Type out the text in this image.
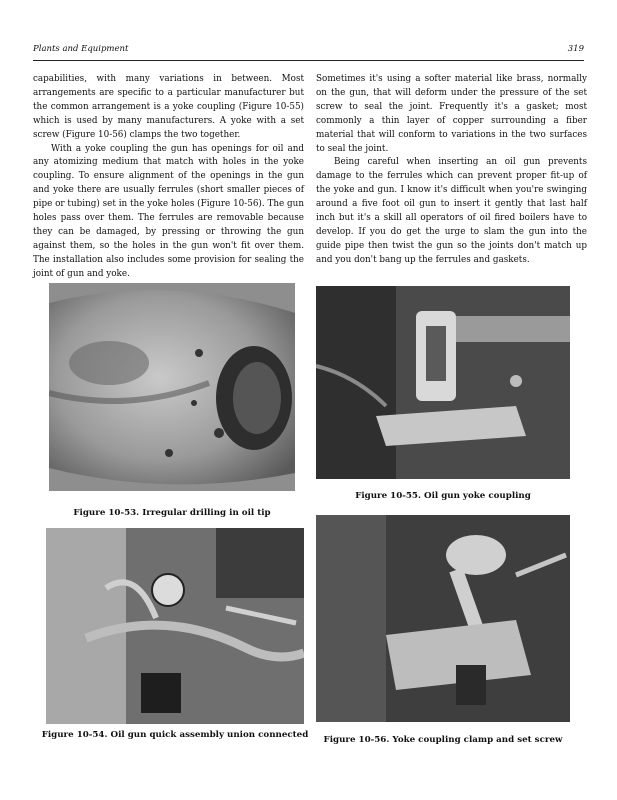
Plants and Equipment	319

capabilities, with many variations in between. Most arrangements are specific to a particular manufacturer but the common arrangement is a yoke coupling (Figure 10-55) which is used by many manufacturers. A yoke with a set screw (Figure 10-56) clamps the two together.

With a yoke coupling the gun has openings for oil and any atomizing medium that match with holes in the yoke coupling. To ensure alignment of the openings in the gun and yoke there are usually ferrules (short smaller pieces of pipe or tubing) set in the yoke holes (Figure 10-56). The gun holes pass over them. The ferrules are removable because they can be damaged, by pressing or throwing the gun against them, so the holes in the gun won't fit over them. The installation also includes some provision for sealing the joint of gun and yoke.

Sometimes it's using a softer material like brass, normally on the gun, that will deform under the pressure of the set screw to seal the joint. Frequently it's a gasket; most commonly a thin layer of copper surrounding a fiber material that will conform to variations in the two surfaces to seal the joint.

Being careful when inserting an oil gun prevents damage to the ferrules which can prevent proper fit-up of the yoke and gun. I know it's difficult when you're swinging around a five foot oil gun to insert it gently that last half inch but it's a skill all operators of oil fired boilers have to develop. If you do get the urge to slam the gun into the guide pipe then twist the gun so the joints don't match up and you don't bang up the ferrules and gaskets.

Figure 10-53. Irregular drilling in oil tip
Figure 10-54. Oil gun quick assembly union connected
Figure 10-55. Oil gun yoke coupling
Figure 10-56. Yoke coupling clamp and set screw
